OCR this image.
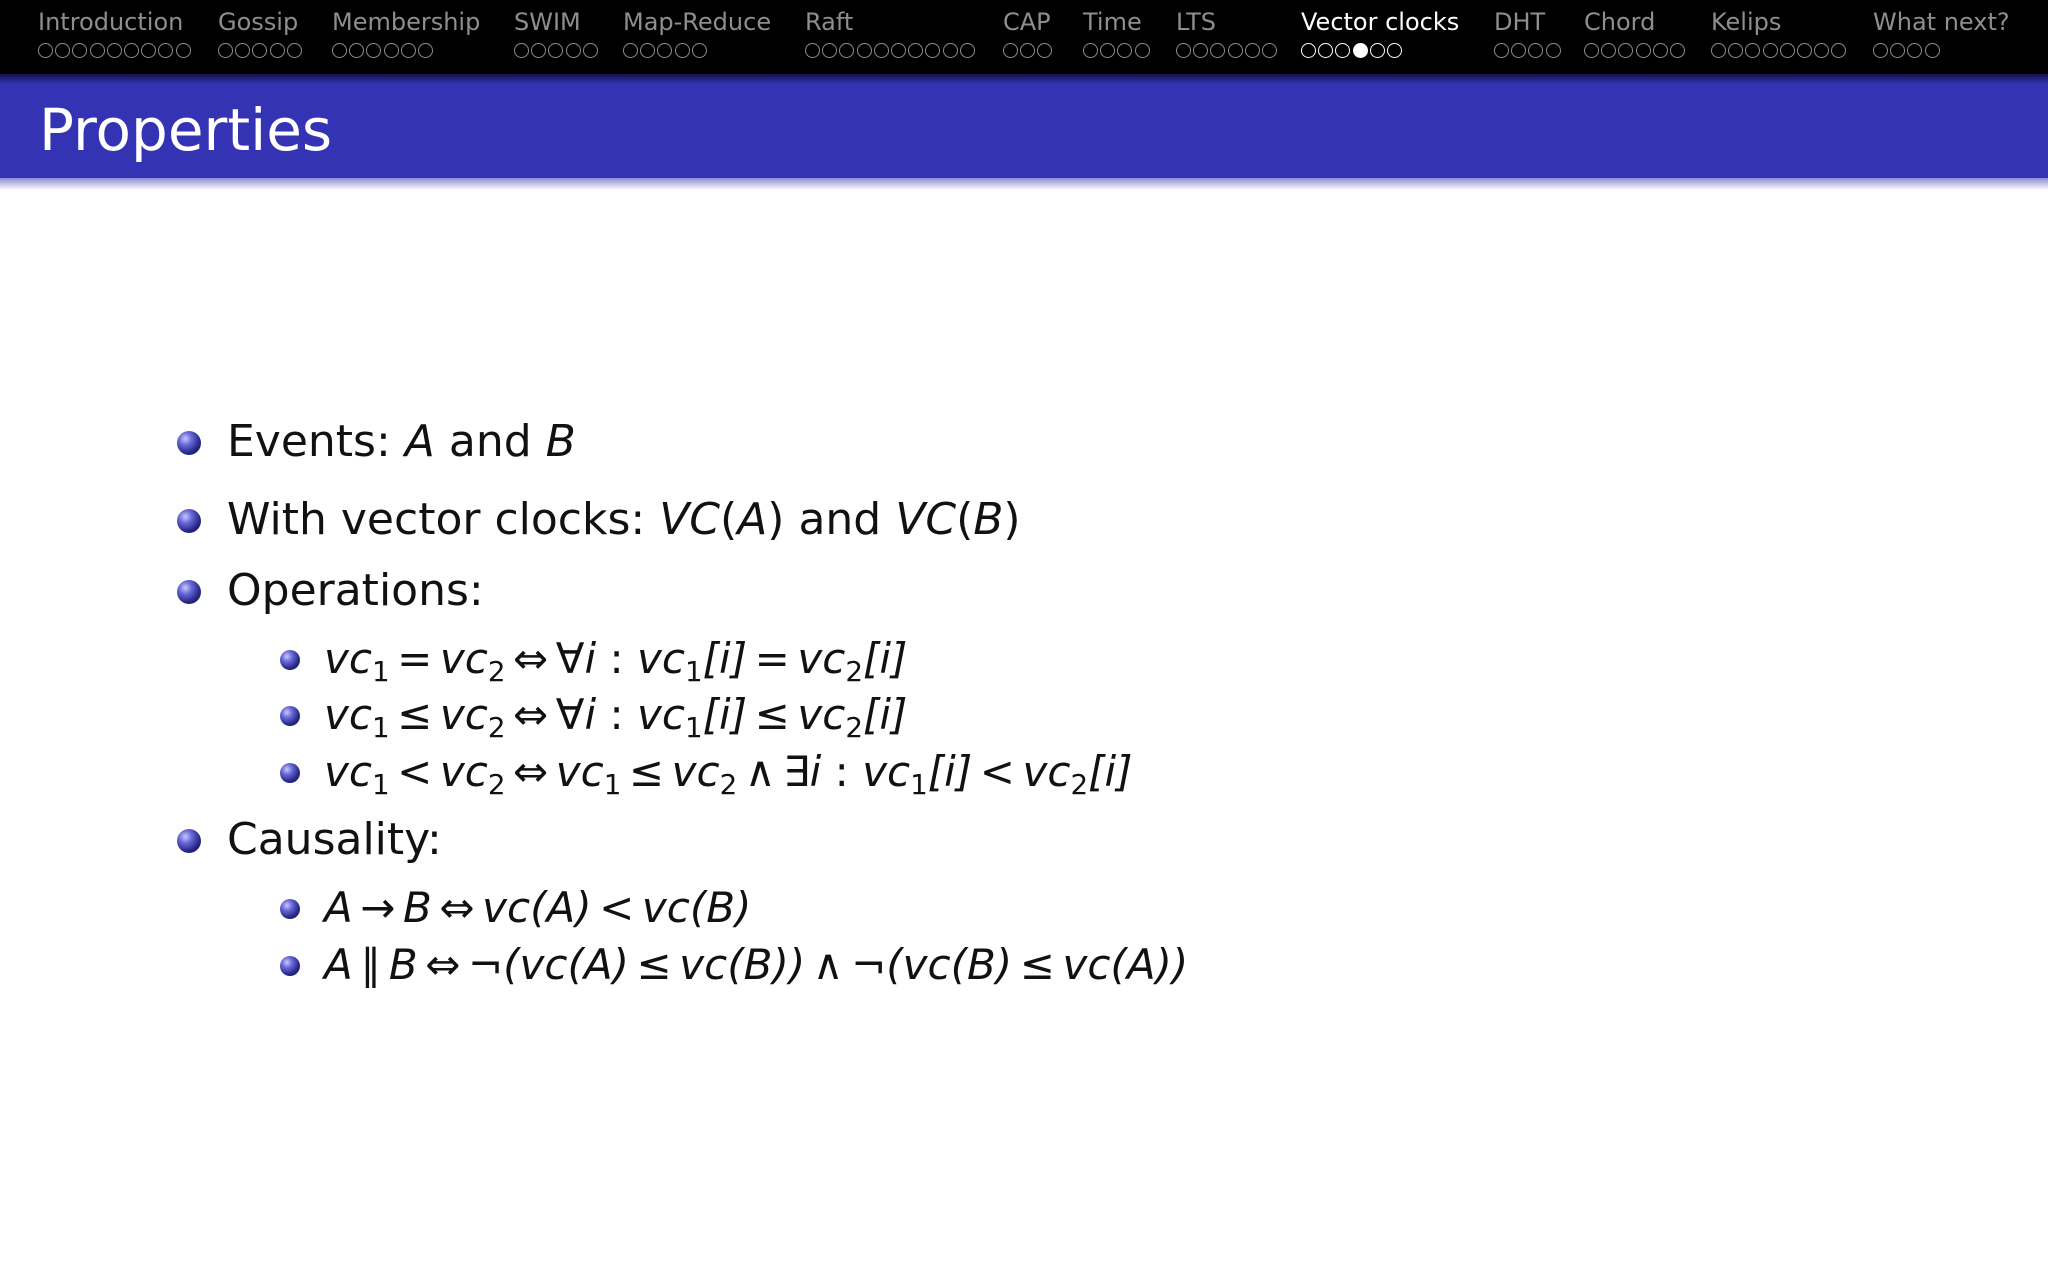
Introduction Gossip Membership SWIM Map-Reduce Raft	CAP Time LTS	Vector clocks DHT Chord Kelips	What next?
Properties
Events: A and B
With vector clocks: VC(A) and VC(B)
Operations:
$vc_1 = vc_2$ ⇔ ∀i : $vc_1[i] = vc_2[i]$
$vc_1 \le vc_2$ ⇔ ∀i : $vc_1[i] \le vc_2[i]$
$vc_1 < vc_2$ ⇔ $vc_1 \le vc_2$ ∧ ∃i : $vc_1[i] < vc_2[i]$
Causality:
A → B ⇔ vc(A) < vc(B)
A ∥ B ⇔ ¬(vc(A) ≤ vc(B)) ∧ ¬(vc(B) ≤ vc(A))
